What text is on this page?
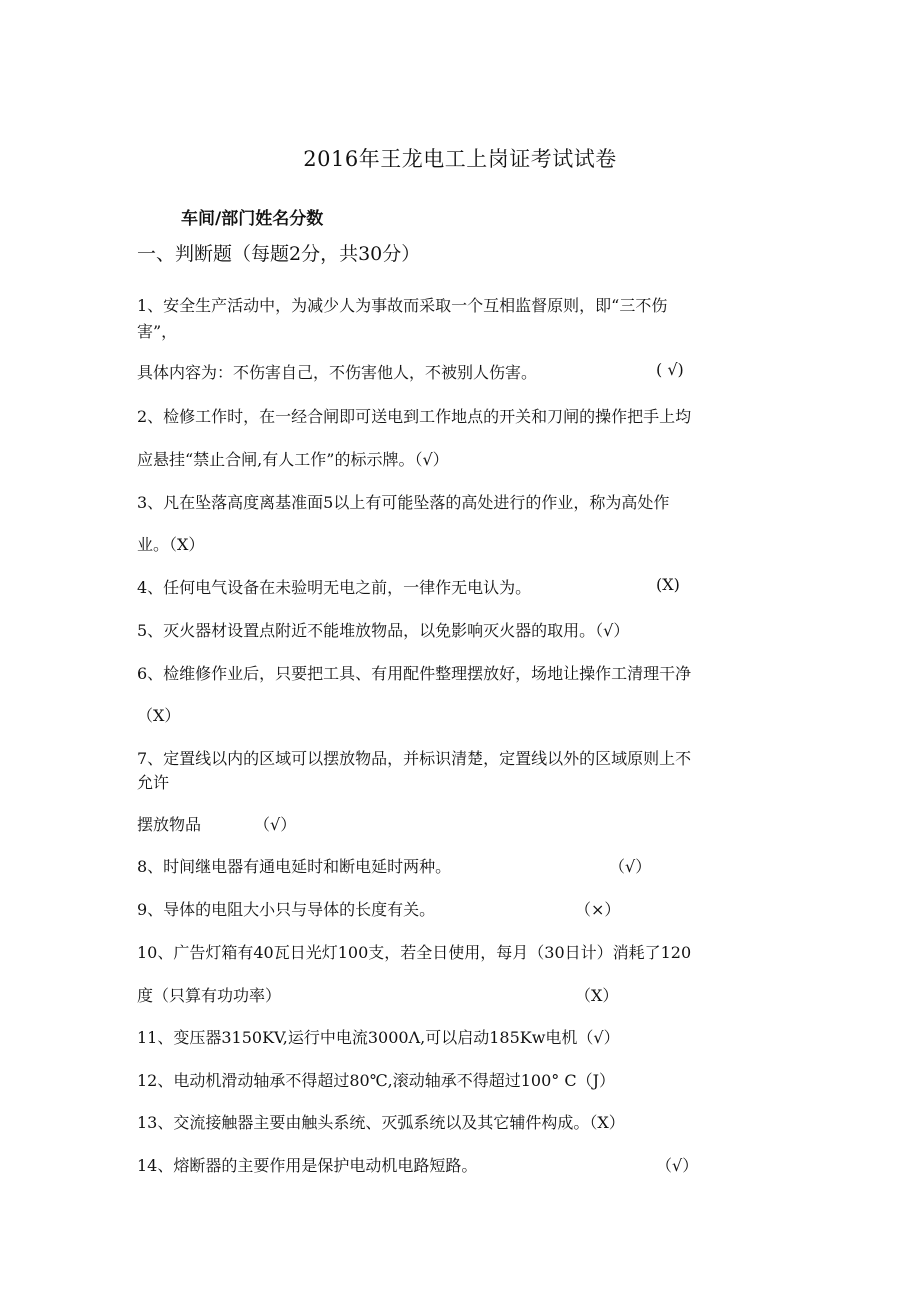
2016年王龙电工上岗证考试试卷
车间/部门姓名分数
一、判断题（每题2分，共30分）
1、安全生产活动中，为减少人为事故而采取一个互相监督原则，即“三不伤
害”，
具体内容为：不伤害自己，不伤害他人，不被别人伤害。	( √)
2、检修工作时，在一经合闸即可送电到工作地点的开关和刀闸的操作把手上均
应悬挂“禁止合闸,有人工作”的标示牌。（√）
3、凡在坠落高度离基准面5以上有可能坠落的高处进行的作业，称为高处作
业。（X）
4、任何电气设备在未验明无电之前，一律作无电认为。	(X)
5、灭火器材设置点附近不能堆放物品，以免影响灭火器的取用。（√）
6、检维修作业后，只要把工具、有用配件整理摆放好，场地让操作工清理干净
（X）
7、定置线以内的区域可以摆放物品，并标识清楚，定置线以外的区域原则上不
允许
摆放物品	（√）
8、时间继电器有通电延时和断电延时两种。	（√）
9、导体的电阻大小只与导体的长度有关。	（×）
10、广告灯箱有40瓦日光灯100支，若全日使用，每月（30日计）消耗了120
度（只算有功功率）	（X）
11、变压器3150KV,运行中电流3000Λ,可以启动185Kw电机（√）
12、电动机滑动轴承不得超过80℃,滚动轴承不得超过100° C（J）
13、交流接触器主要由触头系统、灭弧系统以及其它辅件构成。（X）
14、熔断器的主要作用是保护电动机电路短路。	（√）
